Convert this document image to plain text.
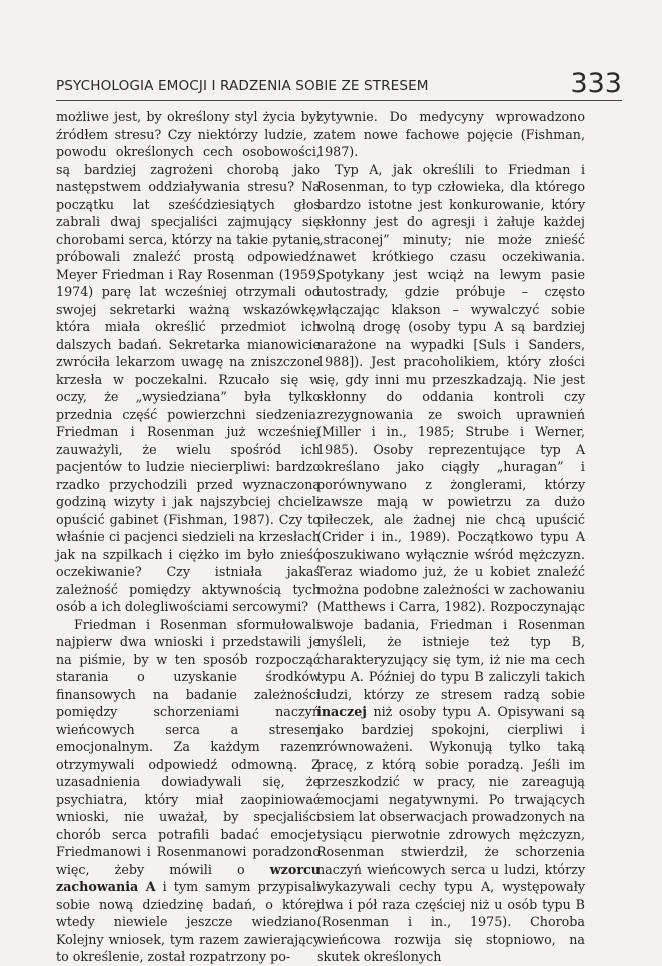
PSYCHOLOGIA EMOCJI I RADZENIA SOBIE ZE STRESEM	333

możliwe jest, by określony styl życia był źródłem stresu? Czy niektórzy ludzie, z powodu określonych cech osobowości, są bardziej zagrożeni chorobą jako następstwem oddziaływania stresu? Na początku lat sześćdziesiątych głos zabrali dwaj specjaliści zajmujący się chorobami serca, którzy na takie pytanie próbowali znaleźć prostą odpowiedź. Meyer Friedman i Ray Rosenman (1959, 1974) parę lat wcześniej otrzymali od swojej sekretarki ważną wskazówkę, która miała określić przedmiot ich dalszych badań. Sekretarka mianowicie zwróciła lekarzom uwagę na zniszczone krzesła w poczekalni. Rzucało się w oczy, że „wysiedziana” była tylko przednia część powierzchni siedzenia. Friedman i Rosenman już wcześniej zauważyli, że wielu spośród ich pacjentów to ludzie niecierpliwi: bardzo rzadko przychodzili przed wyznaczoną godziną wizyty i jak najszybciej chcieli opuścić gabinet (Fishman, 1987). Czy to właśnie ci pacjenci siedzieli na krzesłach jak na szpilkach i ciężko im było znieść oczekiwanie? Czy istniała jakaś zależność pomiędzy aktywnością tych osób a ich dolegliwościami sercowymi?

Friedman i Rosenman sformułowali najpierw dwa wnioski i przedstawili je na piśmie, by w ten sposób rozpocząć starania o uzyskanie środków finansowych na badanie zależności pomiędzy schorzeniami naczyń wieńcowych serca a stresem emocjonalnym. Za każdym razem otrzymywali odpowiedź odmowną. Z uzasadnienia dowiadywali się, że psychiatra, który miał zaopiniować wnioski, nie uważał, by specjaliści chorób serca potrafili badać emocje. Friedmanowi i Rosenmanowi poradzono więc, żeby mówili o wzorcu zachowania A i tym samym przypisali sobie nową dziedzinę badań, o której wtedy niewiele jeszcze wiedziano. Kolejny wniosek, tym razem zawierający to określenie, został rozpatrzony po-

zytywnie. Do medycyny wprowadzono zatem nowe fachowe pojęcie (Fishman, 1987).

Typ A, jak określili to Friedman i Rosenman, to typ człowieka, dla którego bardzo istotne jest konkurowanie, który skłonny jest do agresji i żałuje każdej „straconej” minuty; nie może znieść nawet krótkiego czasu oczekiwania. Spotykany jest wciąż na lewym pasie autostrady, gdzie próbuje – często włączając klakson – wywalczyć sobie wolną drogę (osoby typu A są bardziej narażone na wypadki [Suls i Sanders, 1988]). Jest pracoholikiem, który złości się, gdy inni mu przeszkadzają. Nie jest skłonny do oddania kontroli czy zrezygnowania ze swoich uprawnień (Miller i in., 1985; Strube i Werner, 1985). Osoby reprezentujące typ A określano jako ciągły „huragan” i porównywano z żonglerami, którzy zawsze mają w powietrzu za dużo piłeczek, ale żadnej nie chcą upuścić (Crider i in., 1989). Początkowo typu A poszukiwano wyłącznie wśród mężczyzn. Teraz wiadomo już, że u kobiet znaleźć można podobne zależności w zachowaniu (Matthews i Carra, 1982). Rozpoczynając swoje badania, Friedman i Rosenman myśleli, że istnieje też typ B, charakteryzujący się tym, iż nie ma cech typu A. Później do typu B zaliczyli takich ludzi, którzy ze stresem radzą sobie inaczej niż osoby typu A. Opisywani są jako bardziej spokojni, cierpliwi i zrównoważeni. Wykonują tylko taką pracę, z którą sobie poradzą. Jeśli im przeszkodzić w pracy, nie zareagują emocjami negatywnymi. Po trwających osiem lat obserwacjach prowadzonych na tysiącu pierwotnie zdrowych mężczyzn, Rosenman stwierdził, że schorzenia naczyń wieńcowych serca u ludzi, którzy wykazywali cechy typu A, występowały dwa i pół raza częściej niż u osób typu B (Rosenman i in., 1975). Choroba wieńcowa rozwija się stopniowo, na skutek określonych
